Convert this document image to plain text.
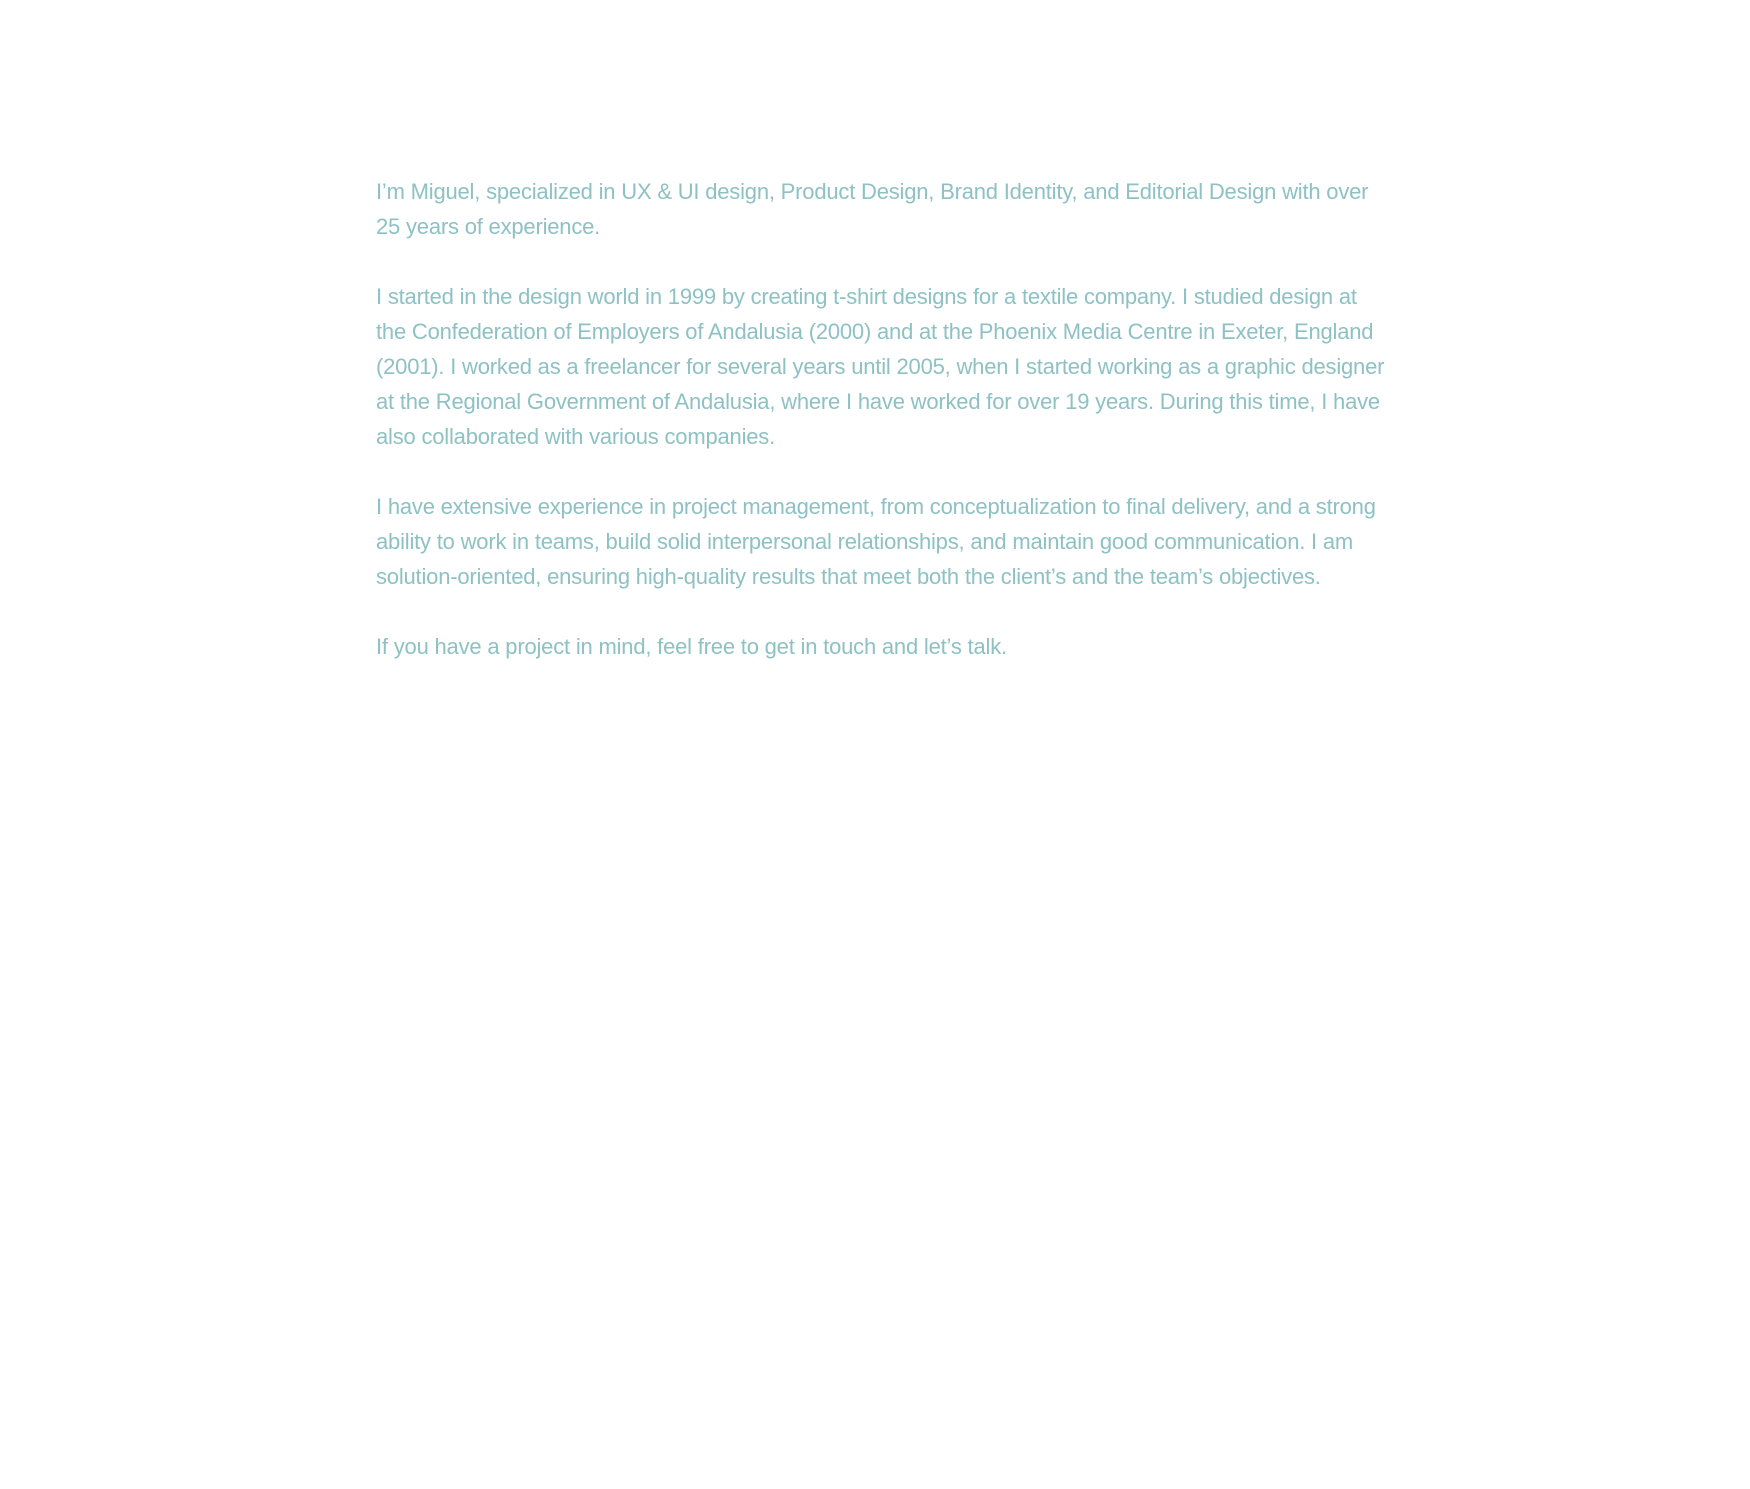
I’m Miguel, specialized in UX & UI design, Product Design, Brand Identity, and Editorial Design with over 25 years of experience.

I started in the design world in 1999 by creating t-shirt designs for a textile company. I studied design at the Confederation of Employers of Andalusia (2000) and at the Phoenix Media Centre in Exeter, England (2001). I worked as a freelancer for several years until 2005, when I started working as a graphic designer at the Regional Government of Andalusia, where I have worked for over 19 years. During this time, I have also collaborated with various companies.

I have extensive experience in project management, from conceptualization to final delivery, and a strong ability to work in teams, build solid interpersonal relationships, and maintain good communication. I am solution-oriented, ensuring high-quality results that meet both the client’s and the team’s objectives.

If you have a project in mind, feel free to get in touch and let’s talk.
